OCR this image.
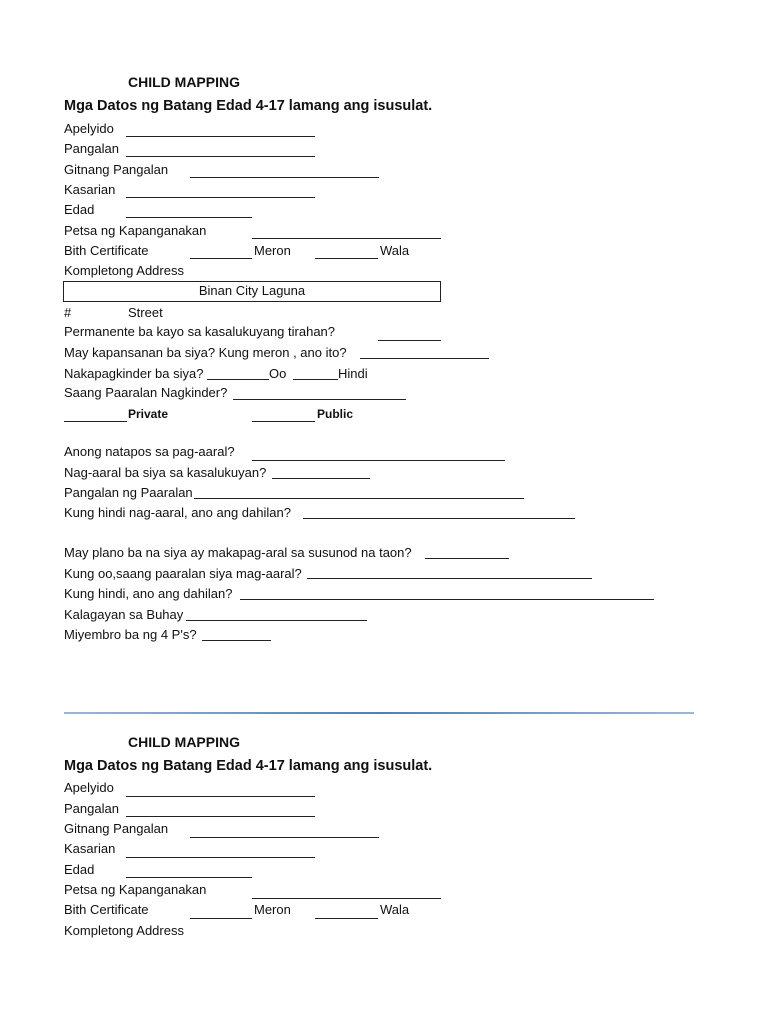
CHILD MAPPING
Mga Datos ng Batang Edad 4-17 lamang ang isusulat.
Apelyido
Pangalan
Gitnang Pangalan
Kasarian
Edad
Petsa ng Kapanganakan
Bith Certificate	Meron	Wala
Kompletong Address
Binan City Laguna
#	Street
Permanente ba kayo sa kasalukuyang tirahan?
May kapansanan ba siya? Kung meron , ano ito?
Nakapagkinder ba siya?	Oo	Hindi
Saang Paaralan Nagkinder?
Private	Public
Anong natapos sa pag-aaral?
Nag-aaral ba siya sa kasalukuyan?
Pangalan ng Paaralan
Kung hindi nag-aaral, ano ang dahilan?
May plano ba na siya ay makapag-aral sa susunod na taon?
Kung oo,saang paaralan siya mag-aaral?
Kung hindi, ano ang dahilan?
Kalagayan sa Buhay
Miyembro ba ng 4 P's?
CHILD MAPPING
Mga Datos ng Batang Edad 4-17 lamang ang isusulat.
Apelyido
Pangalan
Gitnang Pangalan
Kasarian
Edad
Petsa ng Kapanganakan
Bith Certificate	Meron	Wala
Kompletong Address
